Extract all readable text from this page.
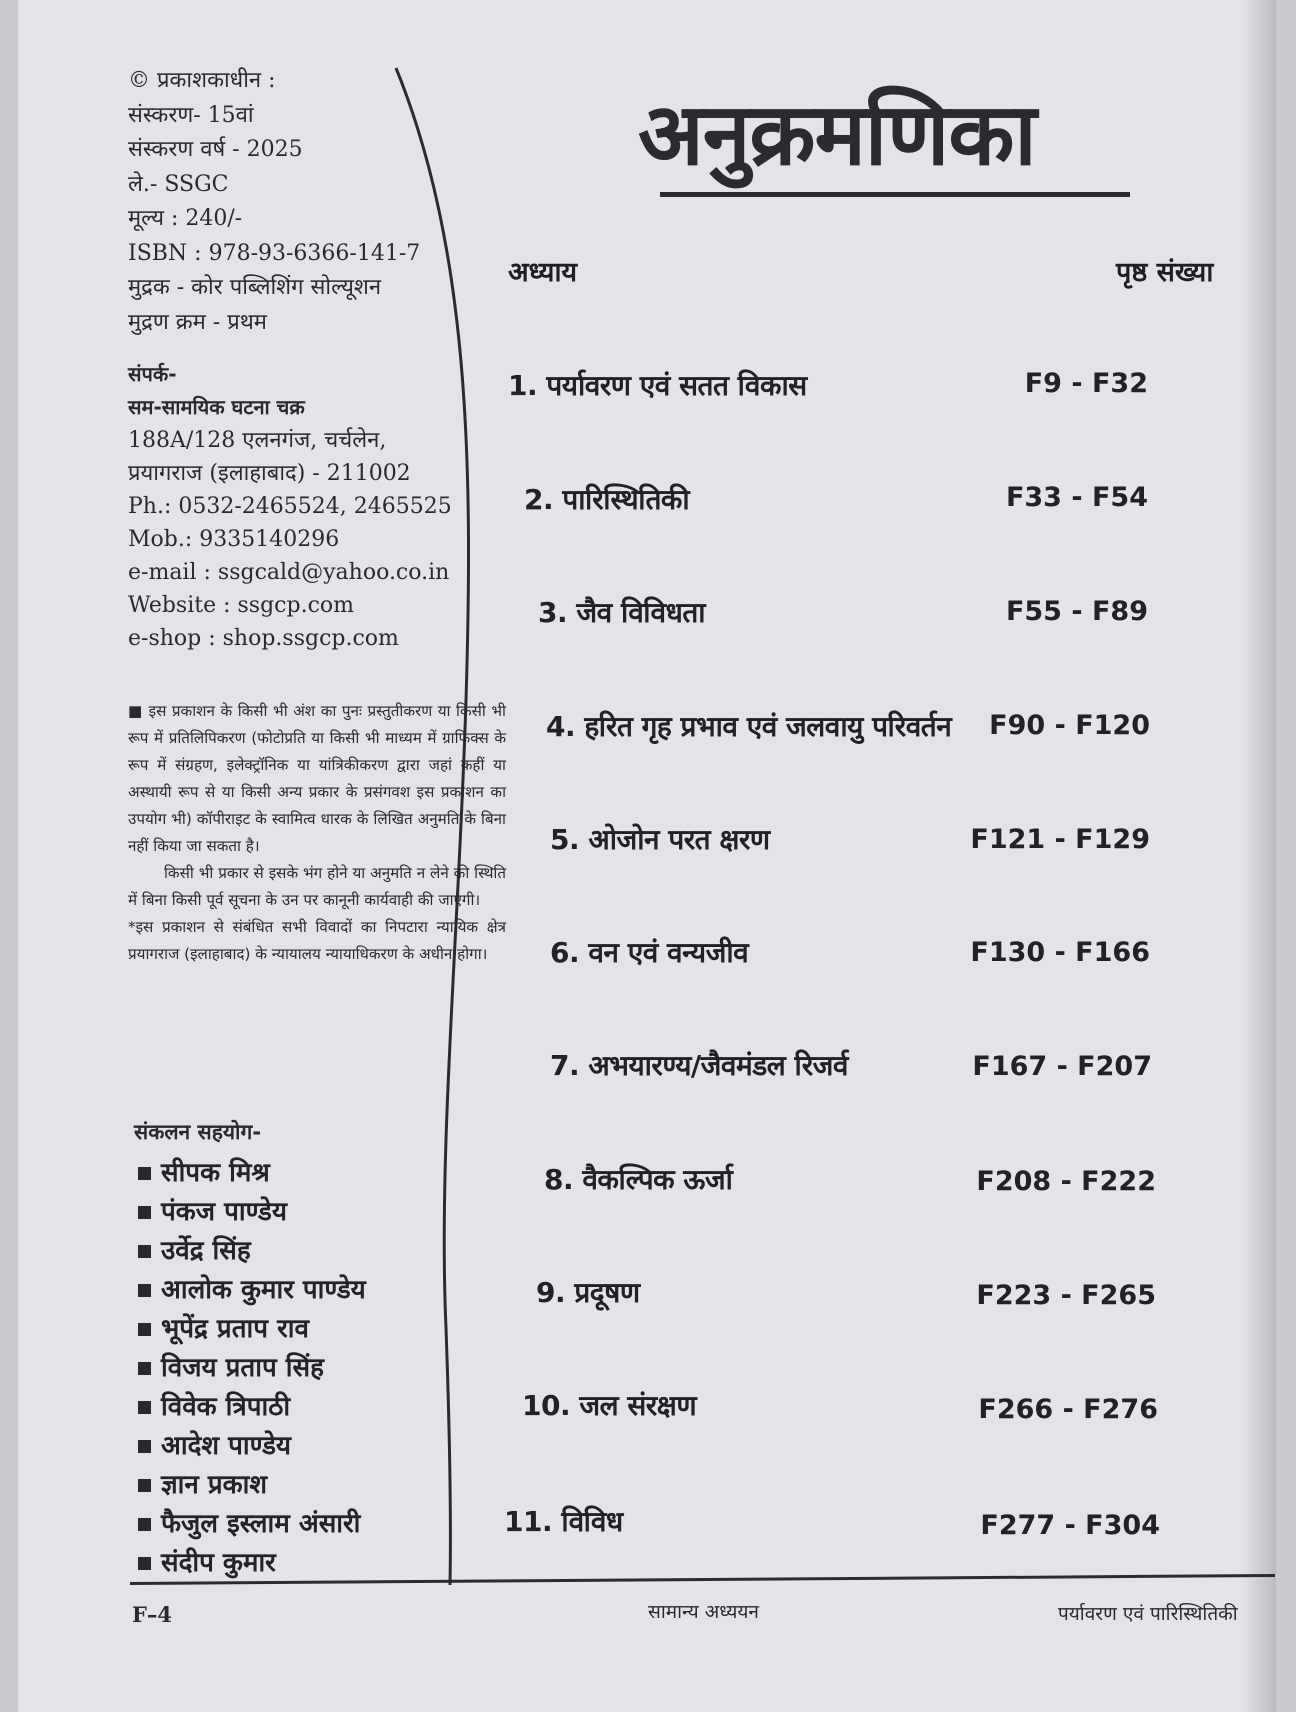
© प्रकाशकाधीन :

संस्करण- 15वां

संस्करण वर्ष - 2025

ले.- SSGC

मूल्य : 240/-

ISBN : 978-93-6366-141-7

मुद्रक - कोर पब्लिशिंग सोल्यूशन

मुद्रण क्रम - प्रथम

संपर्क-

सम-सामयिक घटना चक्र

188A/128 एलनगंज, चर्चलेन,

प्रयागराज (इलाहाबाद) - 211002

Ph.: 0532-2465524, 2465525

Mob.: 9335140296

e-mail : ssgcald@yahoo.co.in

Website : ssgcp.com

e-shop : shop.ssgcp.com

■ इस प्रकाशन के किसी भी अंश का पुनः प्रस्तुतीकरण या किसी भी रूप में प्रतिलिपिकरण (फोटोप्रति या किसी भी माध्यम में ग्राफिक्स के रूप में संग्रहण, इलेक्ट्रॉनिक या यांत्रिकीकरण द्वारा जहां कहीं या अस्थायी रूप से या किसी अन्य प्रकार के प्रसंगवश इस प्रकाशन का उपयोग भी) कॉपीराइट के स्वामित्व धारक के लिखित अनुमति के बिना नहीं किया जा सकता है।

किसी भी प्रकार से इसके भंग होने या अनुमति न लेने की स्थिति में बिना किसी पूर्व सूचना के उन पर कानूनी कार्यवाही की जाएगी।

*इस प्रकाशन से संबंधित सभी विवादों का निपटारा न्यायिक क्षेत्र प्रयागराज (इलाहाबाद) के न्यायालय न्यायाधिकरण के अधीन होगा।

संकलन सहयोग-
सीपक मिश्र
पंकज पाण्डेय
उर्वेद्र सिंह
आलोक कुमार पाण्डेय
भूपेंद्र प्रताप राव
विजय प्रताप सिंह
विवेक त्रिपाठी
आदेश पाण्डेय
ज्ञान प्रकाश
फैजुल इस्लाम अंसारी
संदीप कुमार
अनुक्रमणिका
अध्याय	पृष्ठ संख्या
1. पर्यावरण एवं सतत विकास	F9 - F32
2. पारिस्थितिकी	F33 - F54
3. जैव विविधता	F55 - F89
4. हरित गृह प्रभाव एवं जलवायु परिवर्तन F90 - F120
5. ओजोन परत क्षरण	F121 - F129
6. वन एवं वन्यजीव	F130 - F166
7. अभयारण्य/जैवमंडल रिजर्व	F167 - F207
8. वैकल्पिक ऊर्जा	F208 - F222
9. प्रदूषण	F223 - F265
10. जल संरक्षण	F266 - F276
11. विविध	F277 - F304
F–4	सामान्य अध्ययन	पर्यावरण एवं पारिस्थितिकी
